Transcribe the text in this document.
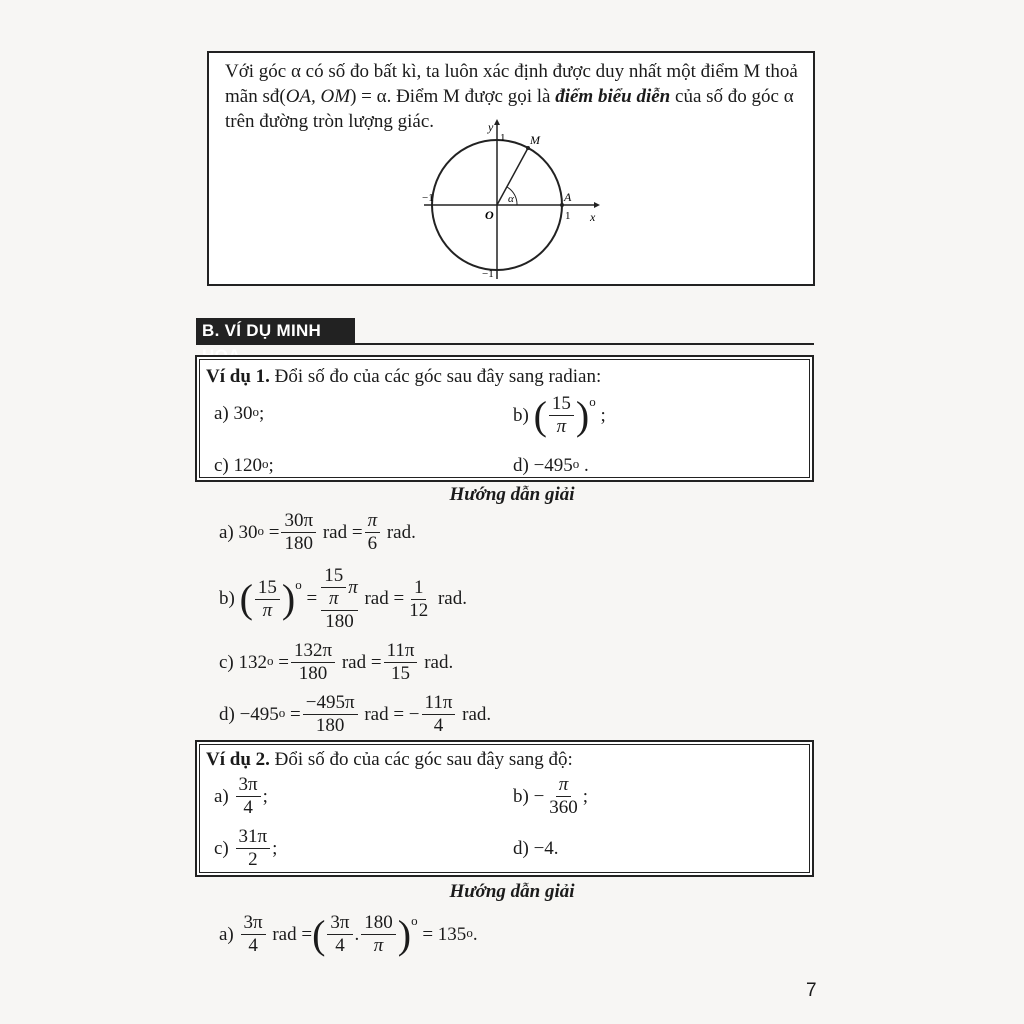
Với góc α có số đo bất kì, ta luôn xác định được duy nhất một điểm M thoả
mãn sđ(OA, OM) = α. Điểm M được gọi là điểm biểu diễn của số đo góc α
trên đường tròn lượng giác.	y
x
M
A
O
α
1
−1
1
−1
B. VÍ DỤ MINH
Ví dụ 1.
Đổi số đo của các góc sau đây sang radian:
a) 30 o ;	b)
( $\frac{15}{\pi}$ ) o

;
c) 120 o ;	d) −495 o
.
Hướng dẫn giải
a) 30 o
= $\frac{30\pi}{180}$
rad = $\frac{\pi}{6}$
rad.
b)
( $\frac{15}{\pi}$ ) o

= $\frac{\frac{15}{\pi} \pi}{180}$
rad = $\frac{1}{12}$
rad.
c) 132 o
= $\frac{132\pi}{180}$
rad = $\frac{11\pi}{15}$
rad.
d) −495 o
= $\frac{-495\pi}{180}$
rad = − $\frac{11\pi}{4}$
rad.
Ví dụ 2.
Đổi số đo của các góc sau đây sang độ:
a)
$\frac{3\pi}{4}$ ;	$b) - \frac{\pi}{360}$ ;
c)
$\frac{31\pi}{2}$ ;	d) −4.
Hướng dẫn giải
a)
$\frac{3\pi}{4}$
rad = ( $\frac{3\pi}{4}$ . $\frac{180}{\pi}$ ) o

= 135 o .
7
